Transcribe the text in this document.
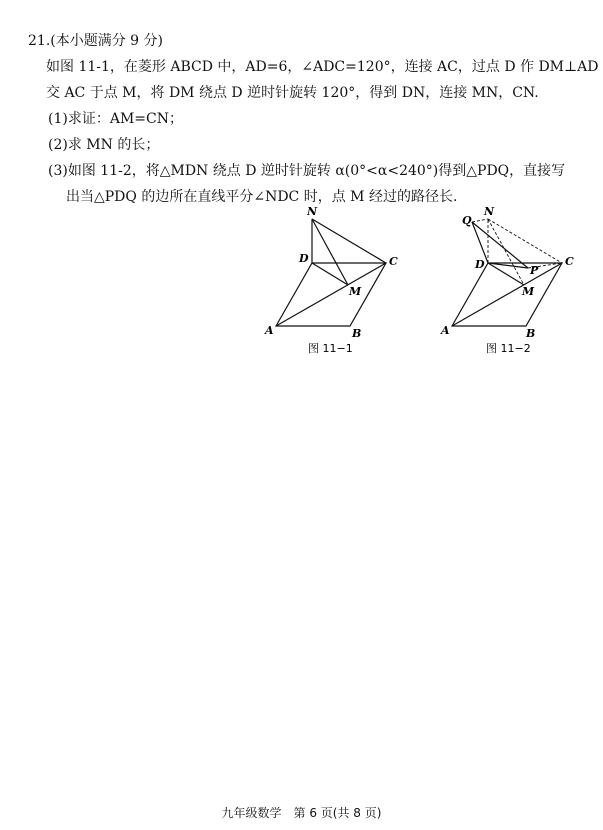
21.(本小题满分 9 分)
如图 11-1，在菱形 ABCD 中，AD=6，∠ADC=120°，连接 AC，过点 D 作 DM⊥AD
交 AC 于点 M，将 DM 绕点 D 逆时针旋转 120°，得到 DN，连接 MN，CN.
(1)求证：AM=CN；
(2)求 MN 的长；
(3)如图 11-2，将△MDN 绕点 D 逆时针旋转 α(0°<α<240°)得到△PDQ，直接写
出当△PDQ 的边所在直线平分∠NDC 时，点 M 经过的路径长.
N
D	C
M
A	B
图 11−1
Q
N
D	P
C
M
A	B
图 11−2
九年级数学　第 6 页(共 8 页)
